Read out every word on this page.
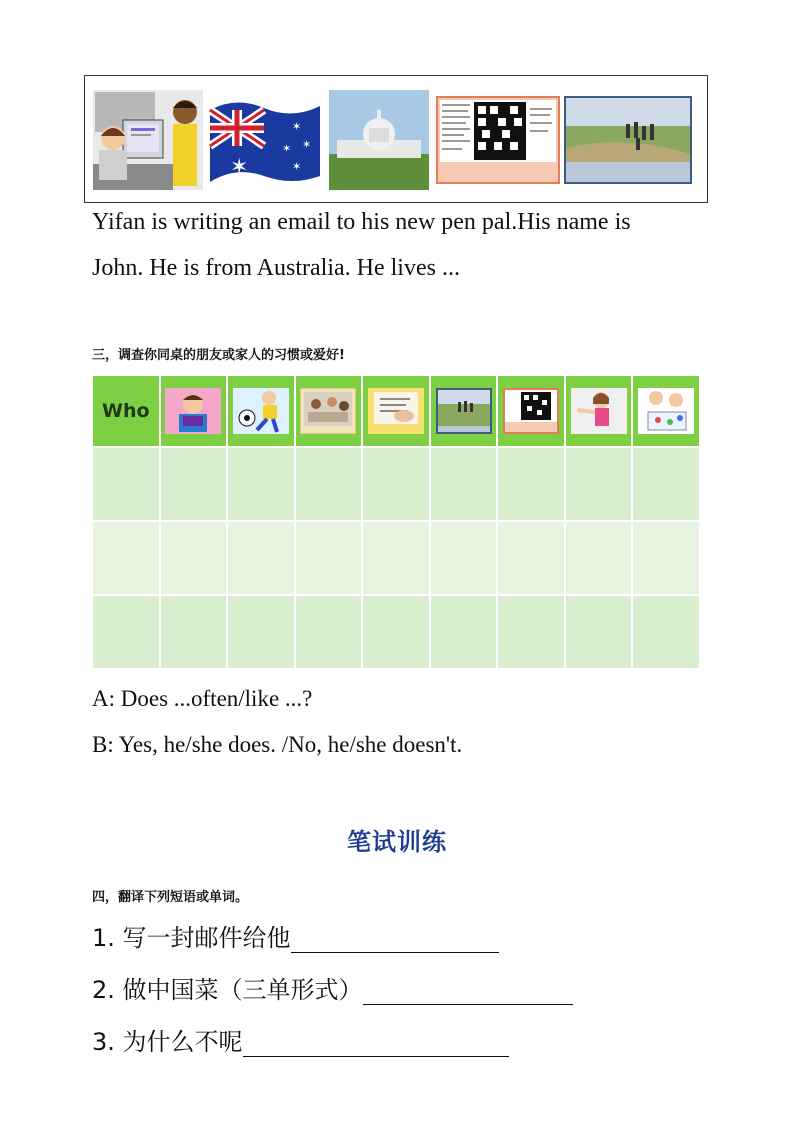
✶
✶
✶
✶
✶
Yifan is writing an email to his new pen pal.His name is
John. He is from Australia. He lives ...
三，调查你同桌的朋友或家人的习惯或爱好!
Who	

A: Does ...often/like ...?
B: Yes, he/she does. /No, he/she doesn't.
笔试训练
四，翻译下列短语或单词。
1. 写一封邮件给他
2. 做中国菜（三单形式）
3. 为什么不呢
